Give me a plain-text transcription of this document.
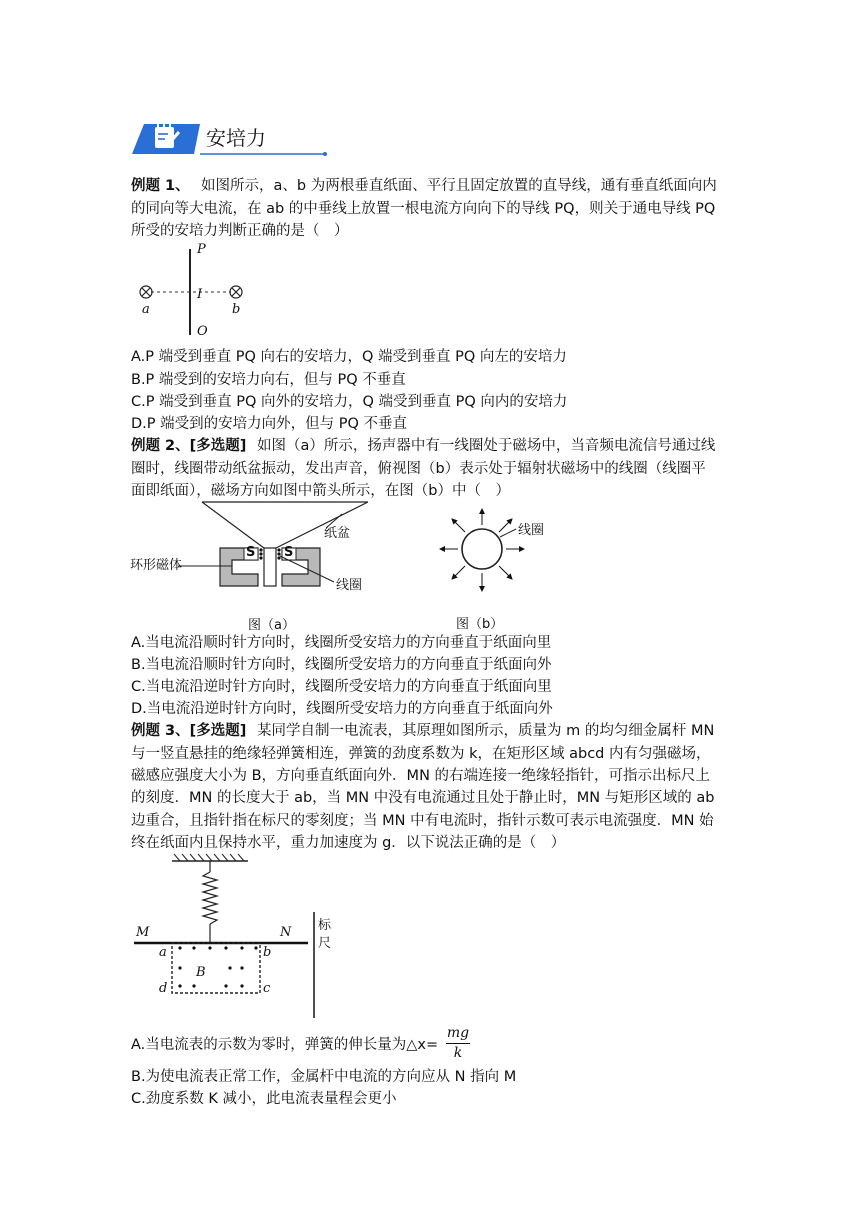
安培力
例题 1、 如图所示，a、b 为两根垂直纸面、平行且固定放置的直导线，通有垂直纸面向内
的同向等大电流，在 ab 的中垂线上放置一根电流方向向下的导线 PQ，则关于通电导线 PQ
所受的安培力判断正确的是（　）
a	b
P
I
O
A.P 端受到垂直 PQ 向右的安培力，Q 端受到垂直 PQ 向左的安培力
B.P 端受到的安培力向右，但与 PQ 不垂直
C.P 端受到垂直 PQ 向外的安培力，Q 端受到垂直 PQ 向内的安培力
D.P 端受到的安培力向外，但与 PQ 不垂直
例题 2、[多选题] 如图（a）所示，扬声器中有一线圈处于磁场中，当音频电流信号通过线
圈时，线圈带动纸盆振动，发出声音，俯视图（b）表示处于辐射状磁场中的线圈（线圈平
面即纸面），磁场方向如图中箭头所示，在图（b）中（　）
S S
纸盆
环形磁体
线圈
图（a）
线圈
图（b）
A.当电流沿顺时针方向时，线圈所受安培力的方向垂直于纸面向里
B.当电流沿顺时针方向时，线圈所受安培力的方向垂直于纸面向外
C.当电流沿逆时针方向时，线圈所受安培力的方向垂直于纸面向里
D.当电流沿逆时针方向时，线圈所受安培力的方向垂直于纸面向外
例题 3、[多选题] 某同学自制一电流表，其原理如图所示，质量为 m 的均匀细金属杆 MN
与一竖直悬挂的绝缘轻弹簧相连，弹簧的劲度系数为 k，在矩形区域 abcd 内有匀强磁场，
磁感应强度大小为 B，方向垂直纸面向外．MN 的右端连接一绝缘轻指针，可指示出标尺上
的刻度．MN 的长度大于 ab，当 MN 中没有电流通过且处于静止时，MN 与矩形区域的 ab
边重合，且指针指在标尺的零刻度；当 MN 中有电流时，指针示数可表示电流强度．MN 始
终在纸面内且保持水平，重力加速度为 g．以下说法正确的是（　）
M	N
a	b
c
d
B
标
尺
A.当电流表的示数为零时，弹簧的伸长量为△x=
mg
k
B.为使电流表正常工作，金属杆中电流的方向应从 N 指向 M
C.劲度系数 K 减小，此电流表量程会更小
